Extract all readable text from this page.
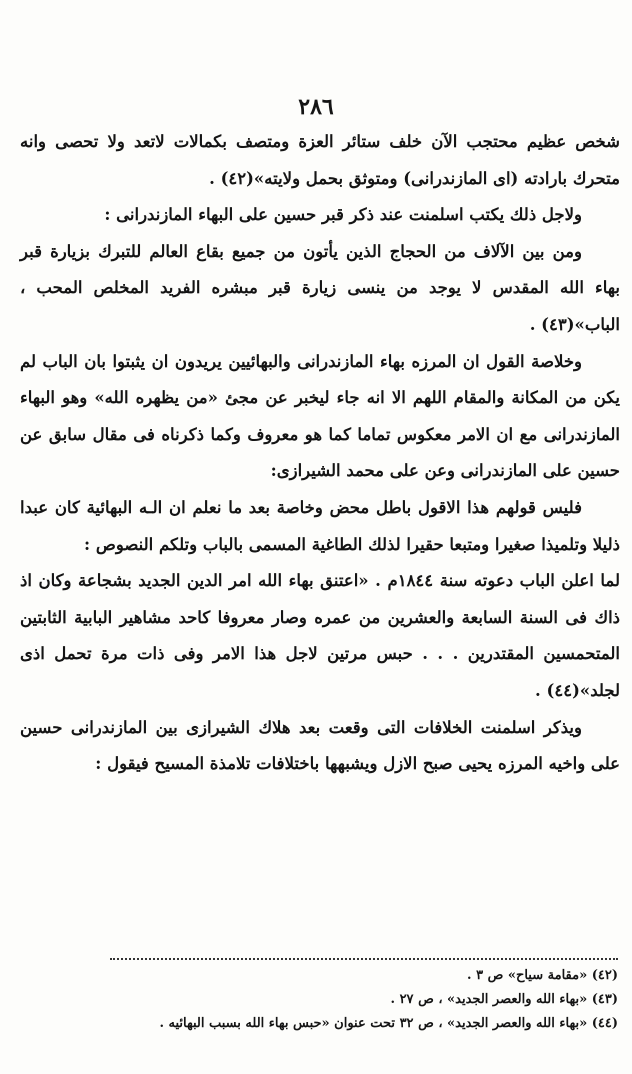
٢٨٦

شخص عظيم محتجب الآن خلف ستائر العزة ومتصف بكمالات لاتعد ولا تحصى وانه متحرك بارادته (اى المازندرانى) ومتوثق بحمل ولايته»(٤٢) .

ولاجل ذلك يكتب اسلمنت عند ذكر قبر حسين على البهاء المازندرانى :

ومن بين الآلاف من الحجاج الذين يأتون من جميع بقاع العالم للتبرك بزيارة قبر بهاء الله المقدس لا يوجد من ينسى زيارة قبر مبشره الفريد المخلص المحب ، الباب»(٤٣) .

وخلاصة القول ان المرزه بهاء المازندرانى والبهائيين يريدون ان يثبتوا بان الباب لم يكن من المكانة والمقام اللهم الا انه جاء ليخبر عن مجئ «من يظهره الله» وهو البهاء المازندرانى مع ان الامر معكوس تماما كما هو معروف وكما ذكرناه فى مقال سابق عن حسين على المازندرانى وعن على محمد الشيرازى:

فليس قولهم هذا الاقول باطل محض وخاصة بعد ما نعلم ان الـه البهائية كان عبدا ذليلا وتلميذا صغيرا ومتبعا حقيرا لذلك الطاغية المسمى بالباب وتلكم النصوص :

لما اعلن الباب دعوته سنة ١٨٤٤م . «اعتنق بهاء الله امر الدين الجديد بشجاعة وكان اذ ذاك فى السنة السابعة والعشرين من عمره وصار معروفا كاحد مشاهير البابية الثابتين المتحمسين المقتدرين . . . حبس مرتين لاجل هذا الامر وفى ذات مرة تحمل اذى لجلد»(٤٤) .

ويذكر اسلمنت الخلافات التى وقعت بعد هلاك الشيرازى بين المازندرانى حسين على واخيه المرزه يحيى صبح الازل ويشبهها باختلافات تلامذة المسيح فيقول :

(٤٢) «مقامة سياح» ص ٣ .
(٤٣) «بهاء الله والعصر الجديد» ، ص ٢٧ .
(٤٤) «بهاء الله والعصر الجديد» ، ص ٣٢ تحت عنوان «حبس بهاء الله بسبب البهائيه .
